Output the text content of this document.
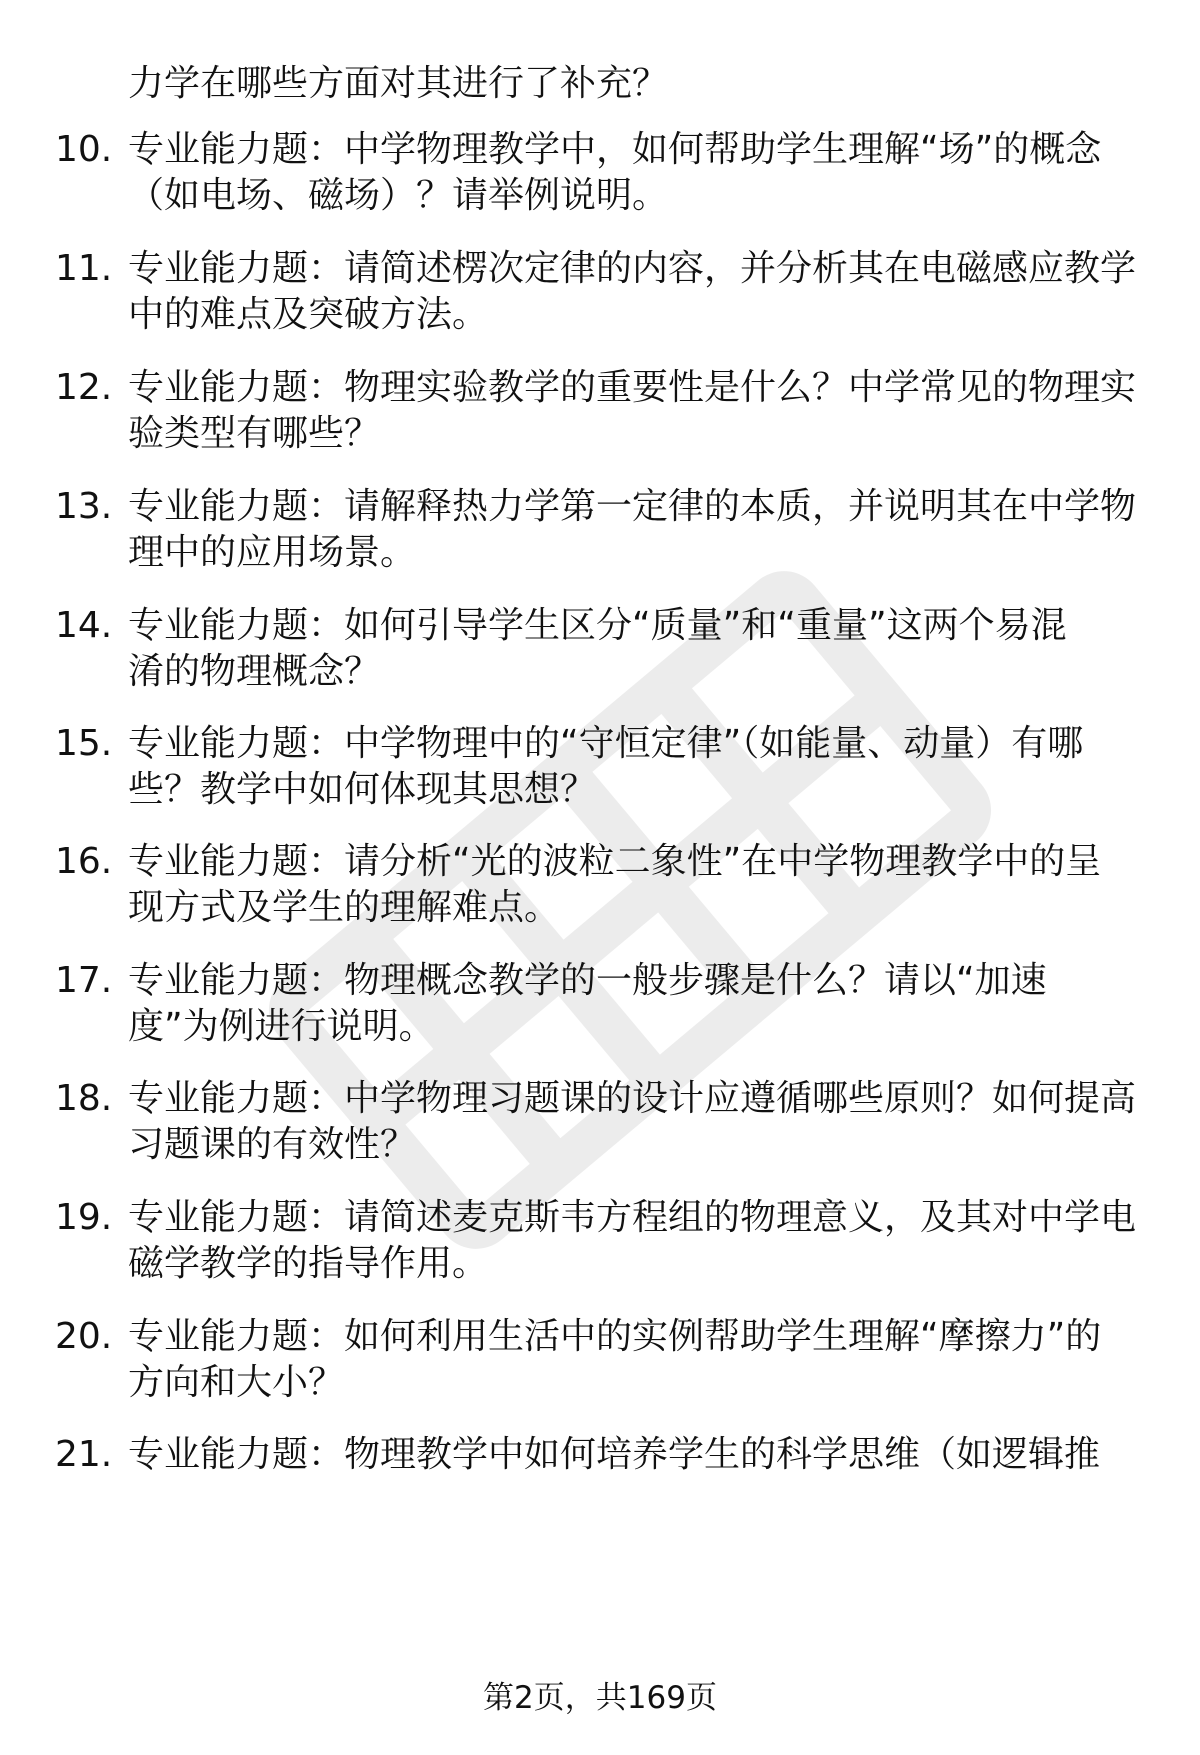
力学在哪些方面对其进行了补充？
10. 专业能力题：中学物理教学中，如何帮助学生理解“场”的概念
（如电场、磁场）？请举例说明。
11. 专业能力题：请简述楞次定律的内容，并分析其在电磁感应教学
中的难点及突破方法。
12. 专业能力题：物理实验教学的重要性是什么？中学常见的物理实
验类型有哪些？
13. 专业能力题：请解释热力学第一定律的本质，并说明其在中学物
理中的应用场景。
14. 专业能力题：如何引导学生区分“质量”和“重量”这两个易混
淆的物理概念？
15. 专业能力题：中学物理中的“守恒定律”（如能量、动量）有哪
些？教学中如何体现其思想？
16. 专业能力题：请分析“光的波粒二象性”在中学物理教学中的呈
现方式及学生的理解难点。
17. 专业能力题：物理概念教学的一般步骤是什么？请以“加速
度”为例进行说明。
18. 专业能力题：中学物理习题课的设计应遵循哪些原则？如何提高
习题课的有效性？
19. 专业能力题：请简述麦克斯韦方程组的物理意义，及其对中学电
磁学教学的指导作用。
20. 专业能力题：如何利用生活中的实例帮助学生理解“摩擦力”的
方向和大小？
21. 专业能力题：物理教学中如何培养学生的科学思维（如逻辑推
第2页，共169页
